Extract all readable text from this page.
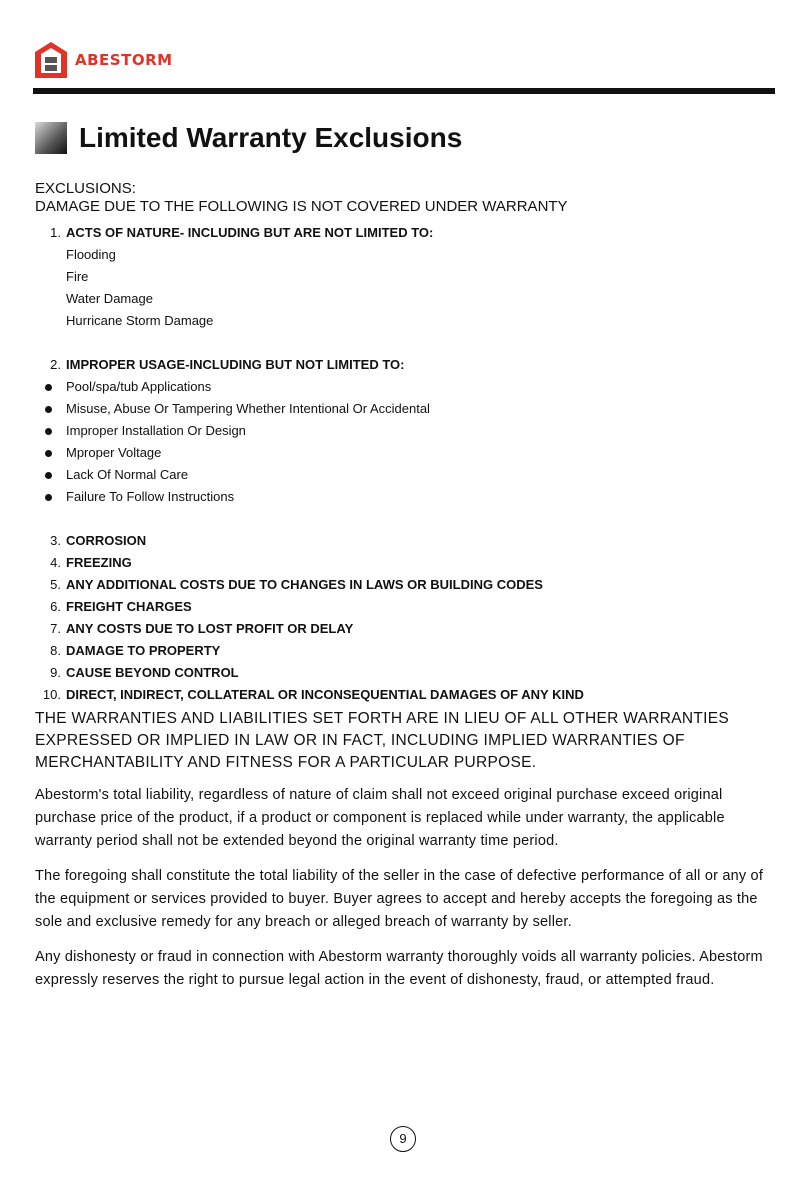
ABESTORM
Limited Warranty Exclusions
EXCLUSIONS:
DAMAGE DUE TO THE FOLLOWING IS NOT COVERED UNDER WARRANTY
1. ACTS OF NATURE- INCLUDING BUT ARE NOT LIMITED TO:
Flooding
Fire
Water Damage
Hurricane Storm Damage
2. IMPROPER USAGE-INCLUDING BUT NOT LIMITED TO:
Pool/spa/tub Applications
Misuse, Abuse Or Tampering Whether Intentional Or Accidental
Improper Installation Or Design
Mproper Voltage
Lack Of Normal Care
Failure To Follow Instructions
3. CORROSION
4. FREEZING
5. ANY ADDITIONAL COSTS DUE TO CHANGES IN LAWS OR BUILDING CODES
6. FREIGHT CHARGES
7. ANY COSTS DUE TO LOST PROFIT OR DELAY
8. DAMAGE TO PROPERTY
9. CAUSE BEYOND CONTROL
10. DIRECT, INDIRECT, COLLATERAL OR INCONSEQUENTIAL DAMAGES OF ANY KIND
THE WARRANTIES AND LIABILITIES SET FORTH ARE IN LIEU OF ALL OTHER WARRANTIES EXPRESSED OR IMPLIED IN LAW OR IN FACT, INCLUDING IMPLIED WARRANTIES OF MERCHANTABILITY AND FITNESS FOR A PARTICULAR PURPOSE.

Abestorm's total liability, regardless of nature of claim shall not exceed original purchase exceed original purchase price of the product, if a product or component is replaced while under warranty, the applicable warranty period shall not be extended beyond the original warranty time period.

The foregoing shall constitute the total liability of the seller in the case of defective performance of all or any of the equipment or services provided to buyer. Buyer agrees to accept and hereby accepts the foregoing as the sole and exclusive remedy for any breach or alleged breach of warranty by seller.

Any dishonesty or fraud in connection with Abestorm warranty thoroughly voids all warranty policies. Abestorm expressly reserves the right to pursue legal action in the event of dishonesty, fraud, or attempted fraud.

9
